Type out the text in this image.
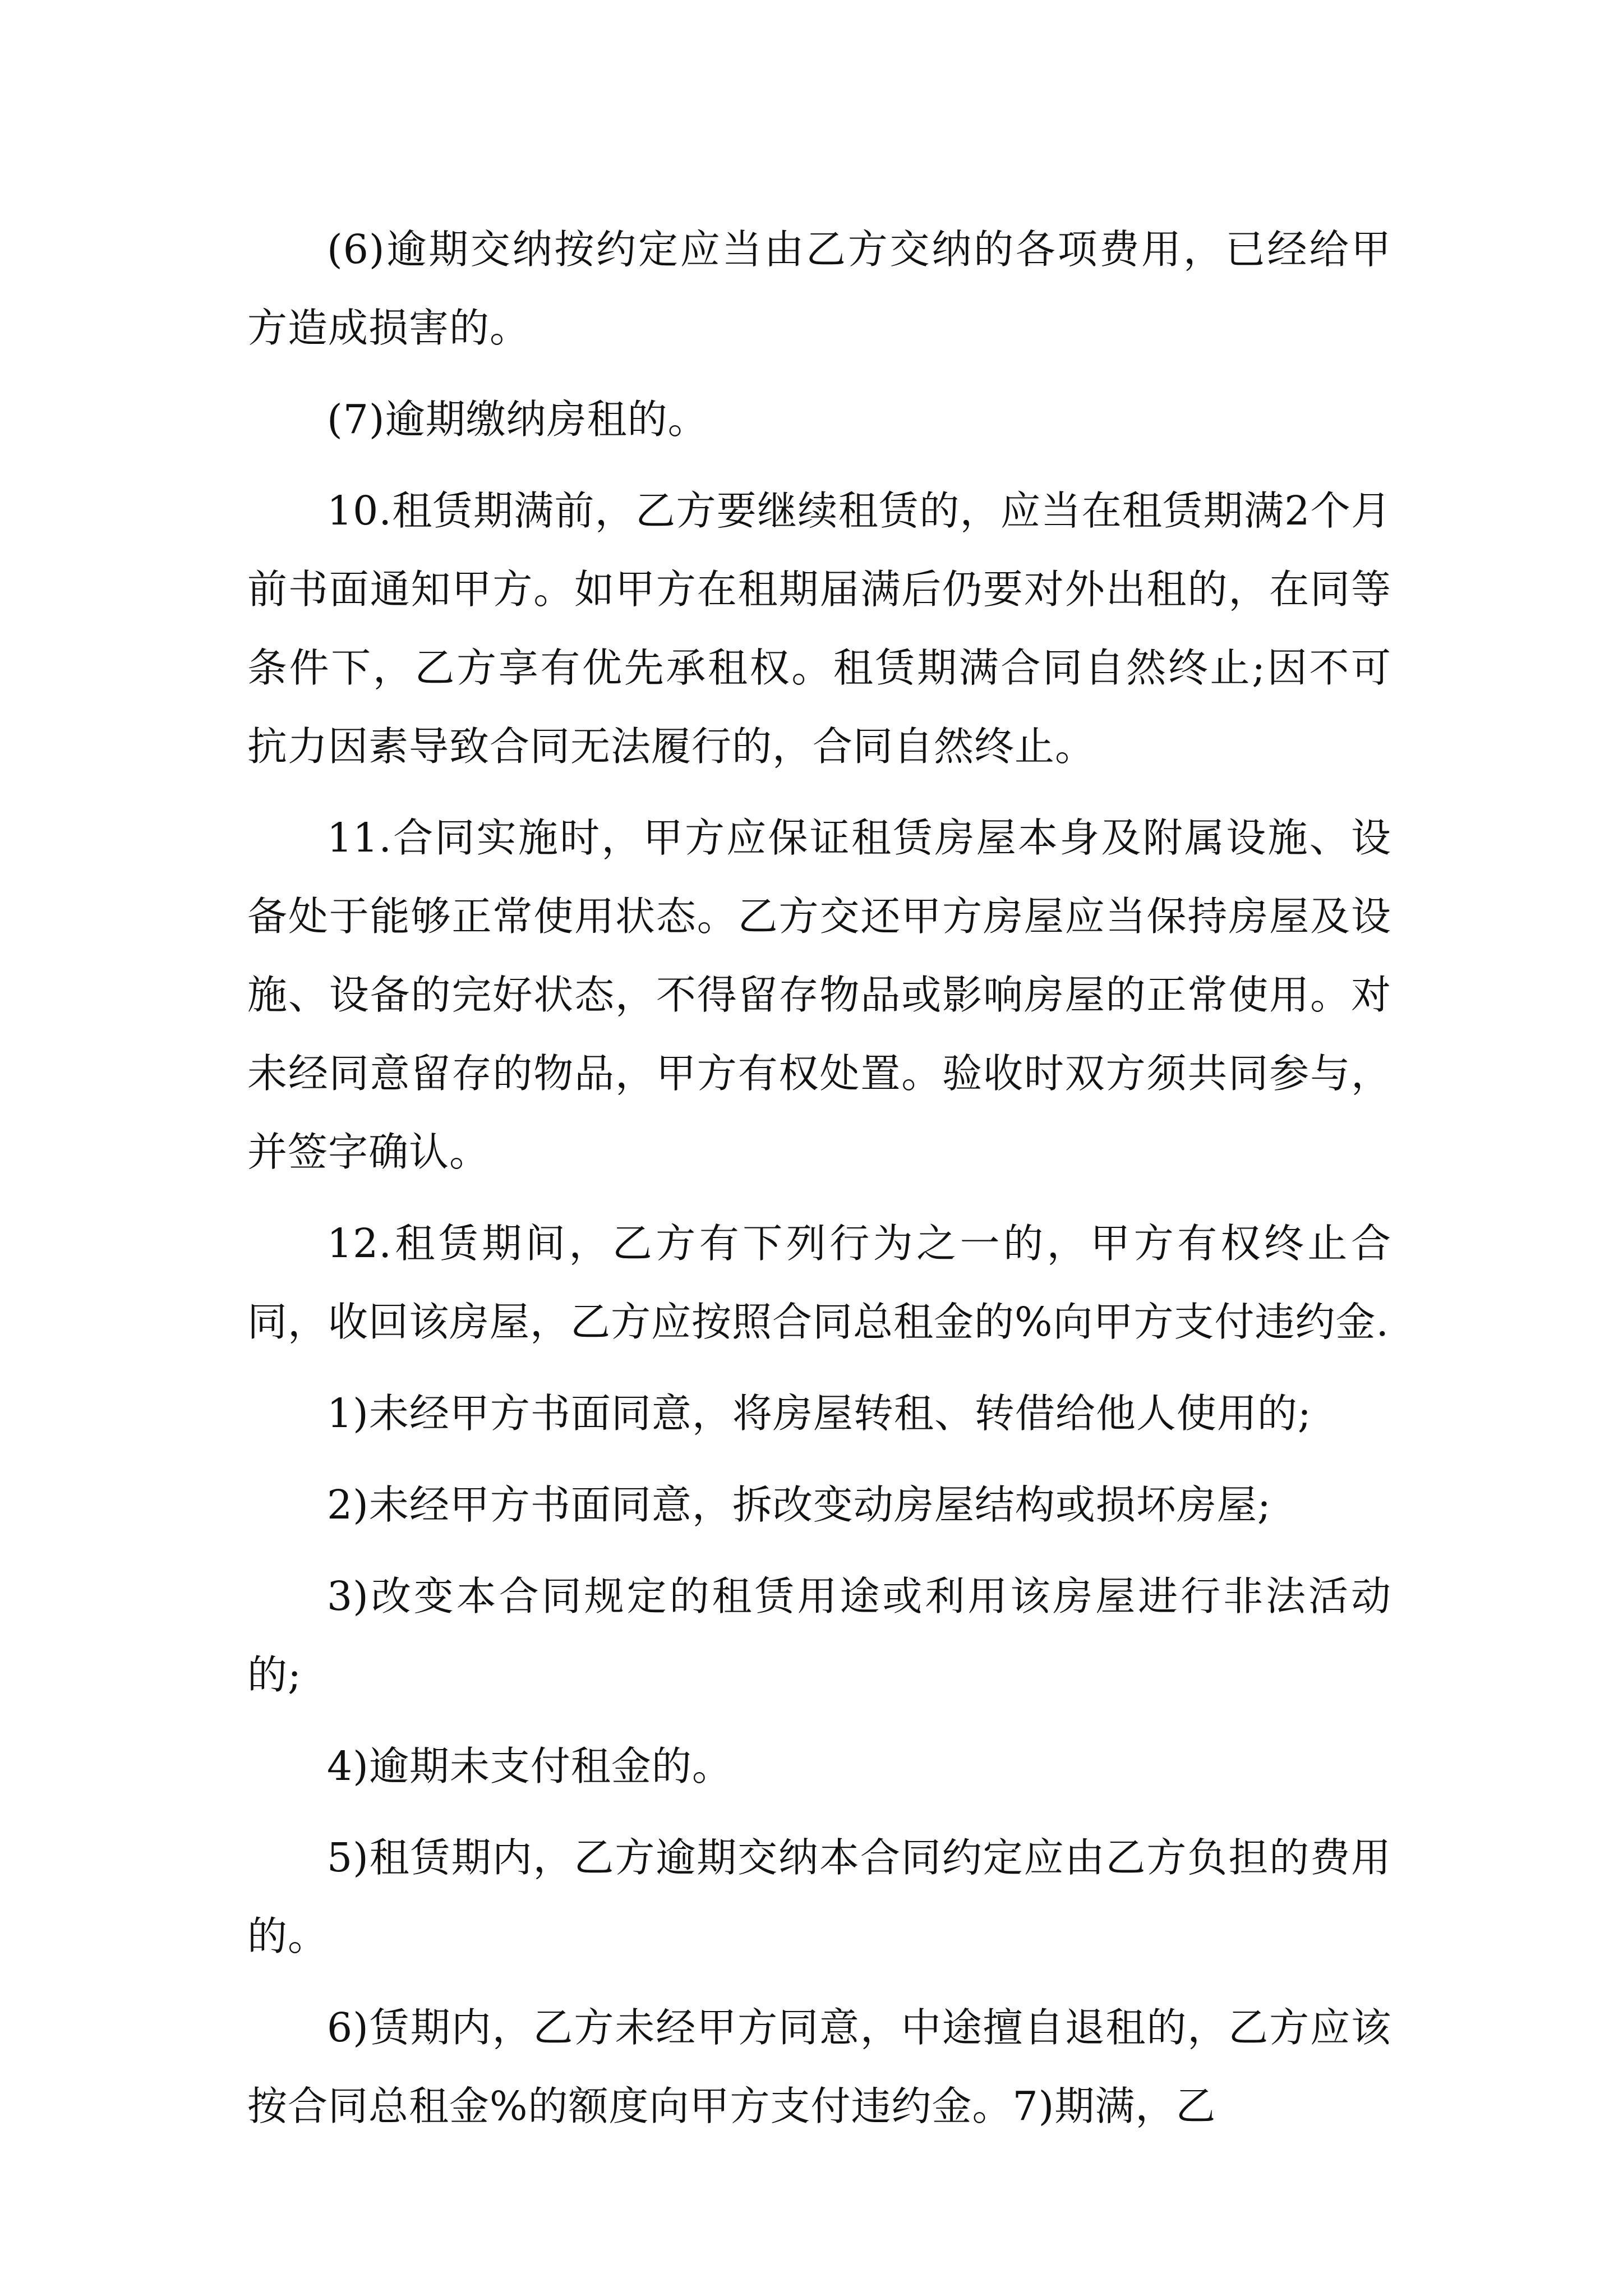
(6)逾期交纳按约定应当由乙方交纳的各项费用，已经给甲方造成损害的。

(7)逾期缴纳房租的。

10.租赁期满前，乙方要继续租赁的，应当在租赁期满2个月前书面通知甲方。如甲方在租期届满后仍要对外出租的，在同等条件下，乙方享有优先承租权。租赁期满合同自然终止;因不可抗力因素导致合同无法履行的，合同自然终止。

11.合同实施时，甲方应保证租赁房屋本身及附属设施、设备处于能够正常使用状态。乙方交还甲方房屋应当保持房屋及设施、设备的完好状态，不得留存物品或影响房屋的正常使用。对未经同意留存的物品，甲方有权处置。验收时双方须共同参与，并签字确认。

12.租赁期间，乙方有下列行为之一的，甲方有权终止合同，收回该房屋，乙方应按照合同总租金的%向甲方支付违约金.

1)未经甲方书面同意，将房屋转租、转借给他人使用的;

2)未经甲方书面同意，拆改变动房屋结构或损坏房屋;

3)改变本合同规定的租赁用途或利用该房屋进行非法活动的;

4)逾期未支付租金的。

5)租赁期内，乙方逾期交纳本合同约定应由乙方负担的费用的。

6)赁期内，乙方未经甲方同意，中途擅自退租的，乙方应该按合同总租金%的额度向甲方支付违约金。7)期满，乙
